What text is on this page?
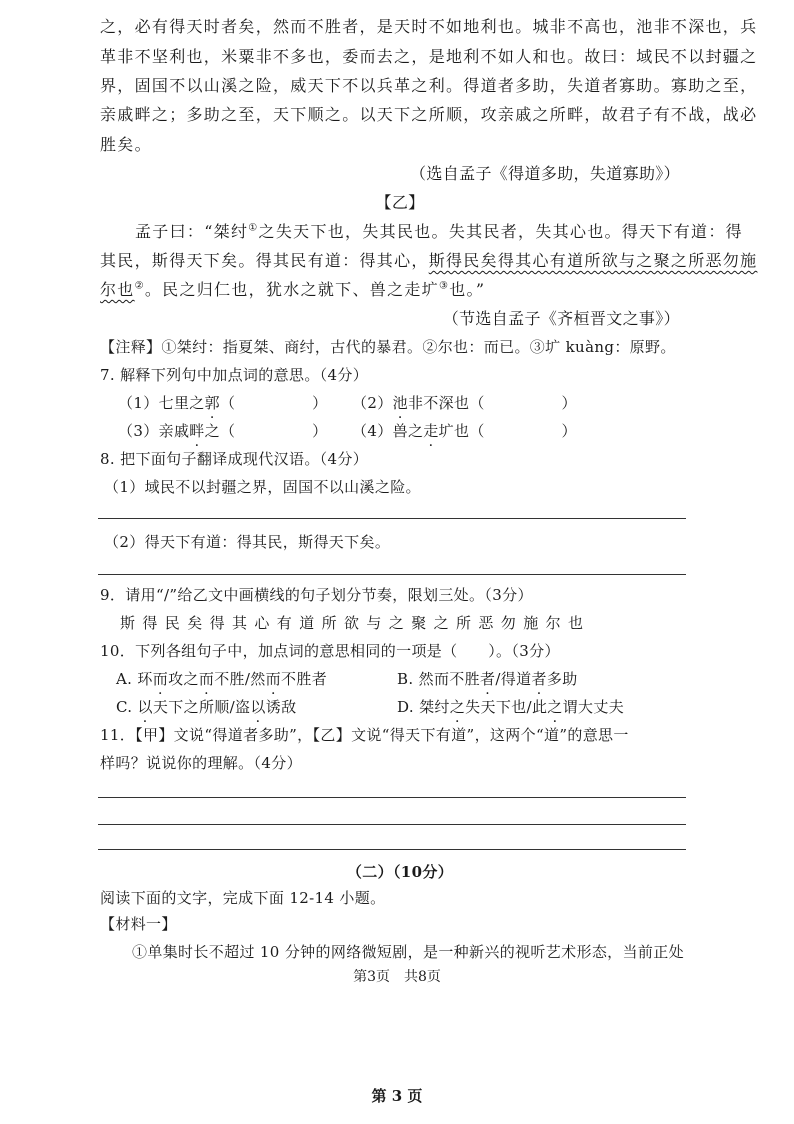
之，必有得天时者矣，然而不胜者，是天时不如地利也。城非不高也，池非不深也，兵
革非不坚利也，米粟非不多也，委而去之，是地利不如人和也。故曰：域民不以封疆之
界，固国不以山溪之险，威天下不以兵革之利。得道者多助，失道者寡助。寡助之至，
亲戚畔之；多助之至，天下顺之。以天下之所顺，攻亲戚之所畔，故君子有不战，战必
胜矣。
（选自孟子《得道多助，失道寡助》）
【乙】
孟子曰：“桀纣①之失天下也，失其民也。失其民者，失其心也。得天下有道：得
其民，斯得天下矣。得其民有道：得其心，斯得民矣得其心有道所欲与之聚之所恶勿施
尔也②。民之归仁也，犹水之就下、兽之走圹③也。”
（节选自孟子《齐桓晋文之事》）
【注释】①桀纣：指夏桀、商纣，古代的暴君。②尔也：而已。③圹 kuàng：原野。
7. 解释下列句中加点词的意思。（4分）
（1）七里之郭（　　　　　）	（2）池非不深也（　　　　　）
（3）亲戚畔之（　　　　　）	（4）兽之走圹也（　　　　　）
8. 把下面句子翻译成现代汉语。（4分）
（1）域民不以封疆之界，固国不以山溪之险。
（2）得天下有道：得其民，斯得天下矣。
9．请用“/”给乙文中画横线的句子划分节奏，限划三处。（3分）
斯得民矣得其心有道所欲与之聚之所恶勿施尔也
10．下列各组句子中，加点词的意思相同的一项是（　　）。（3分）
A. 环而攻之而不胜/然而不胜者	B. 然而不胜者/得道者多助
C. 以天下之所顺/盗以诱敌	D. 桀纣之失天下也/此之谓大丈夫
11．【甲】文说“得道者多助”，【乙】文说“得天下有道”，这两个“道”的意思一
样吗？说说你的理解。（4分）
（二）（10分）
阅读下面的文字，完成下面 12-14 小题。
【材料一】
①单集时长不超过 10 分钟的网络微短剧，是一种新兴的视听艺术形态，当前正处
第3页　共8页
第 3 页
